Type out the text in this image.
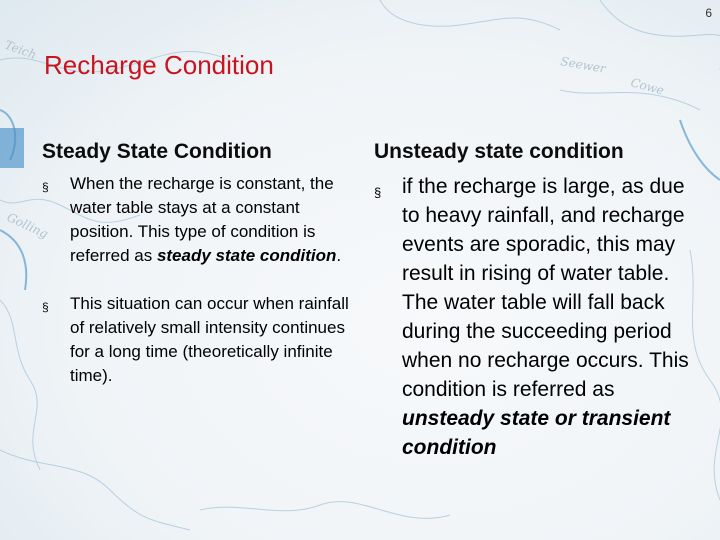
Teich
Golling
Cowe
Seewer
6
Recharge Condition
Steady State Condition
§ When the recharge is constant, the water table stays at a constant position. This type of condition is referred as steady state condition.
§ This situation can occur when rainfall of relatively small intensity continues for a long time (theoretically infinite time).
Unsteady state condition
§ if the recharge is large, as due to heavy rainfall, and recharge events are sporadic, this may result in rising of water table. The water table will fall back during the succeeding period when no recharge occurs. This condition is referred as unsteady state or transient condition
